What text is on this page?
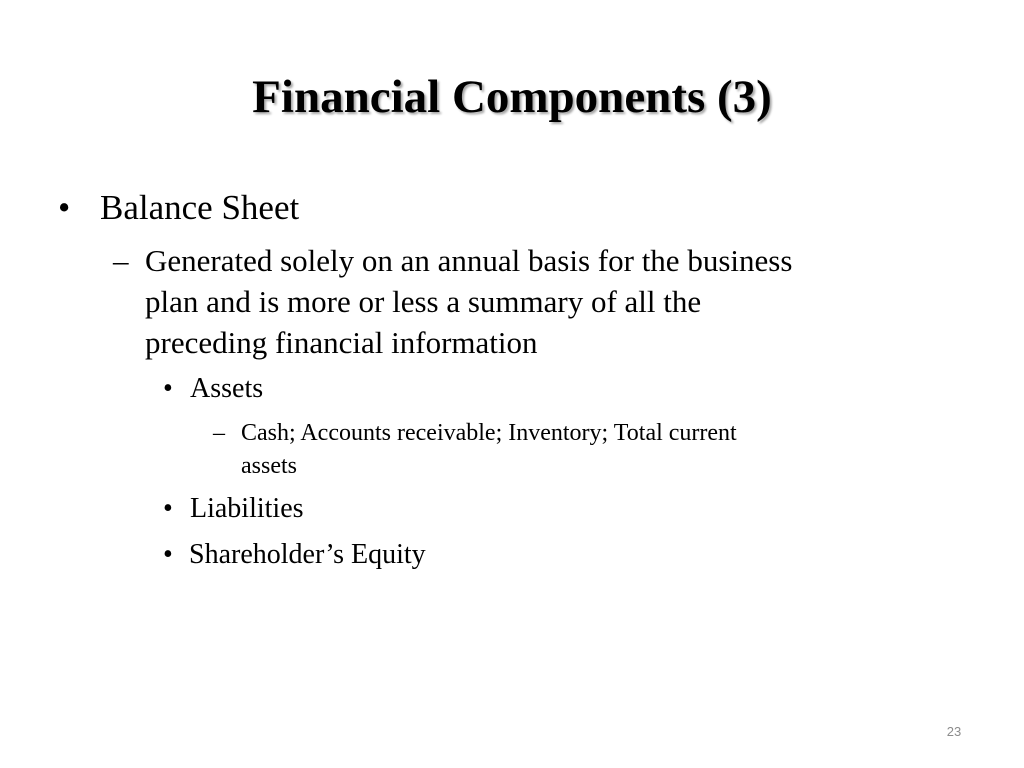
Financial Components (3)
• Balance Sheet
– Generated solely on an annual basis for the business
plan and is more or less a summary of all the
preceding financial information
• Assets
– Cash; Accounts receivable; Inventory; Total current
assets
• Liabilities
• Shareholder’s Equity
23
